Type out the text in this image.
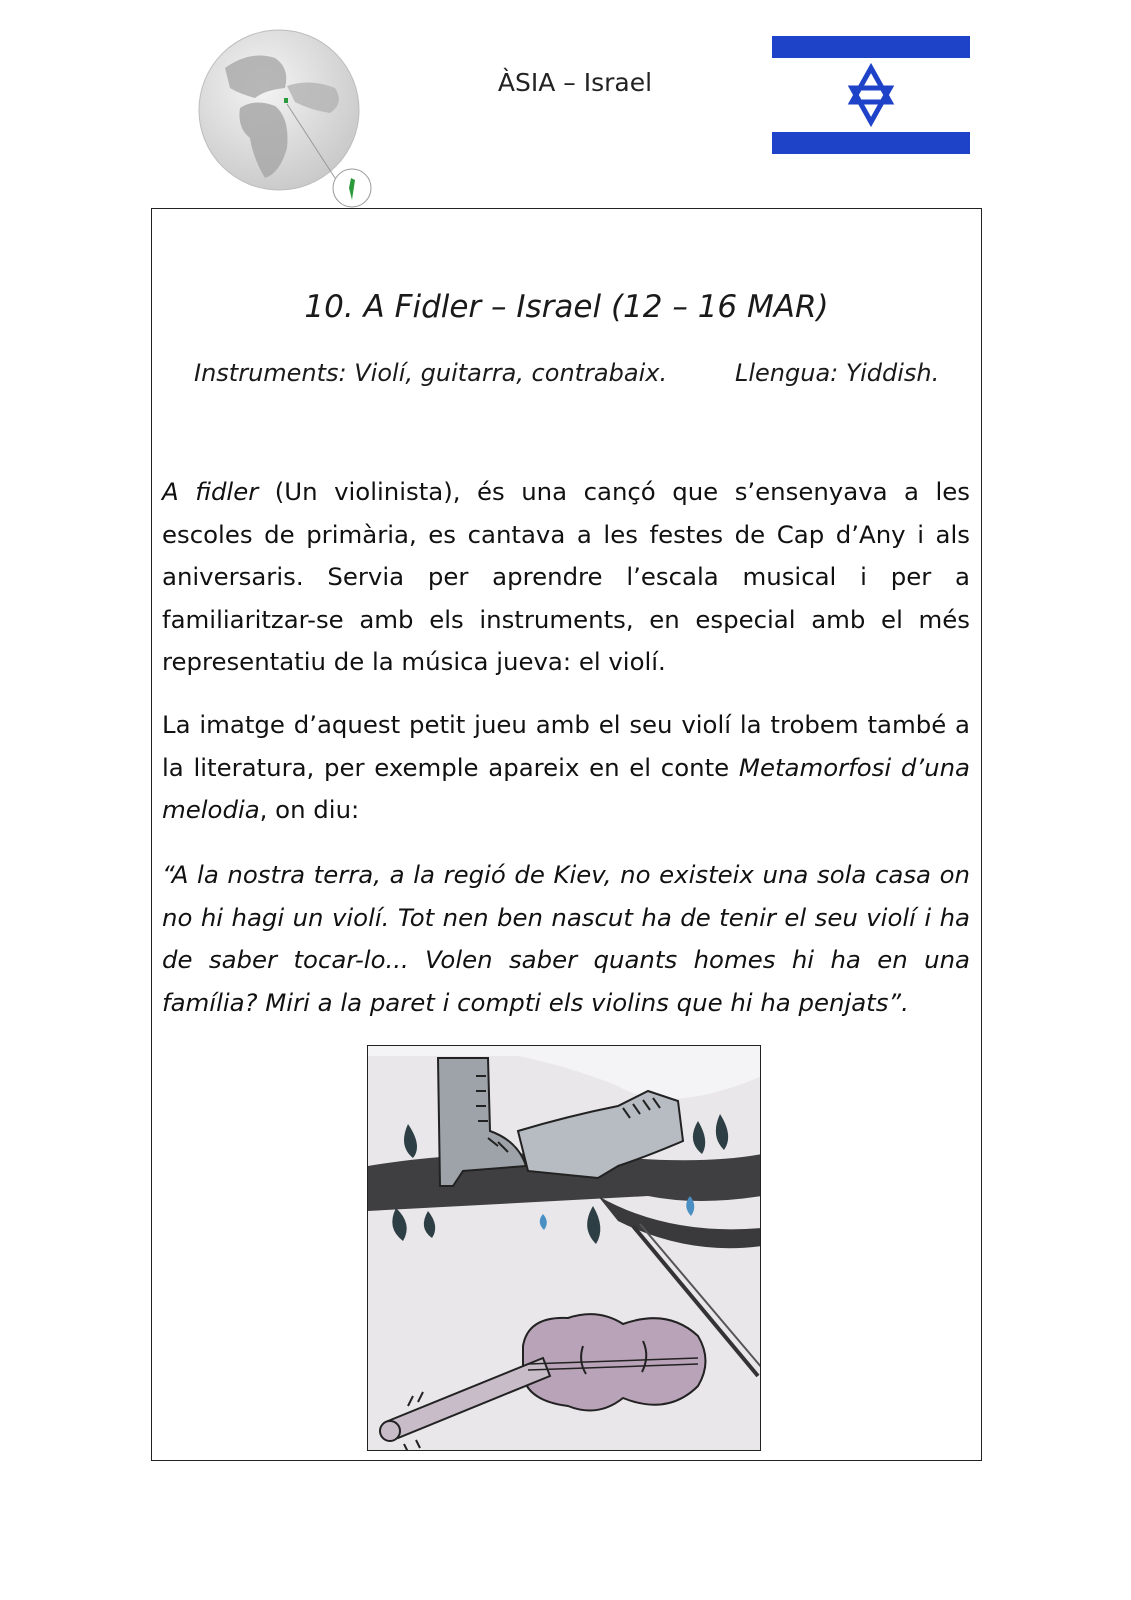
ÀSIA – Israel
10. A Fidler – Israel (12 – 16 MAR)
Instruments: Violí, guitarra, contrabaix.	Llengua: Yiddish.

A fidler (Un violinista), és una cançó que s’ensenyava a les escoles de primària, es cantava a les festes de Cap d’Any i als aniversaris. Servia per aprendre l’escala musical i per a familiaritzar-se amb els instruments, en especial amb el més representatiu de la música jueva: el violí.

La imatge d’aquest petit jueu amb el seu violí la trobem també a la literatura, per exemple apareix en el conte Metamorfosi d’una melodia, on diu:

“A la nostra terra, a la regió de Kiev, no existeix una sola casa on no hi hagi un violí. Tot nen ben nascut ha de tenir el seu violí i ha de saber tocar-lo... Volen saber quants homes hi ha en una família? Miri a la paret i compti els violins que hi ha penjats”.
